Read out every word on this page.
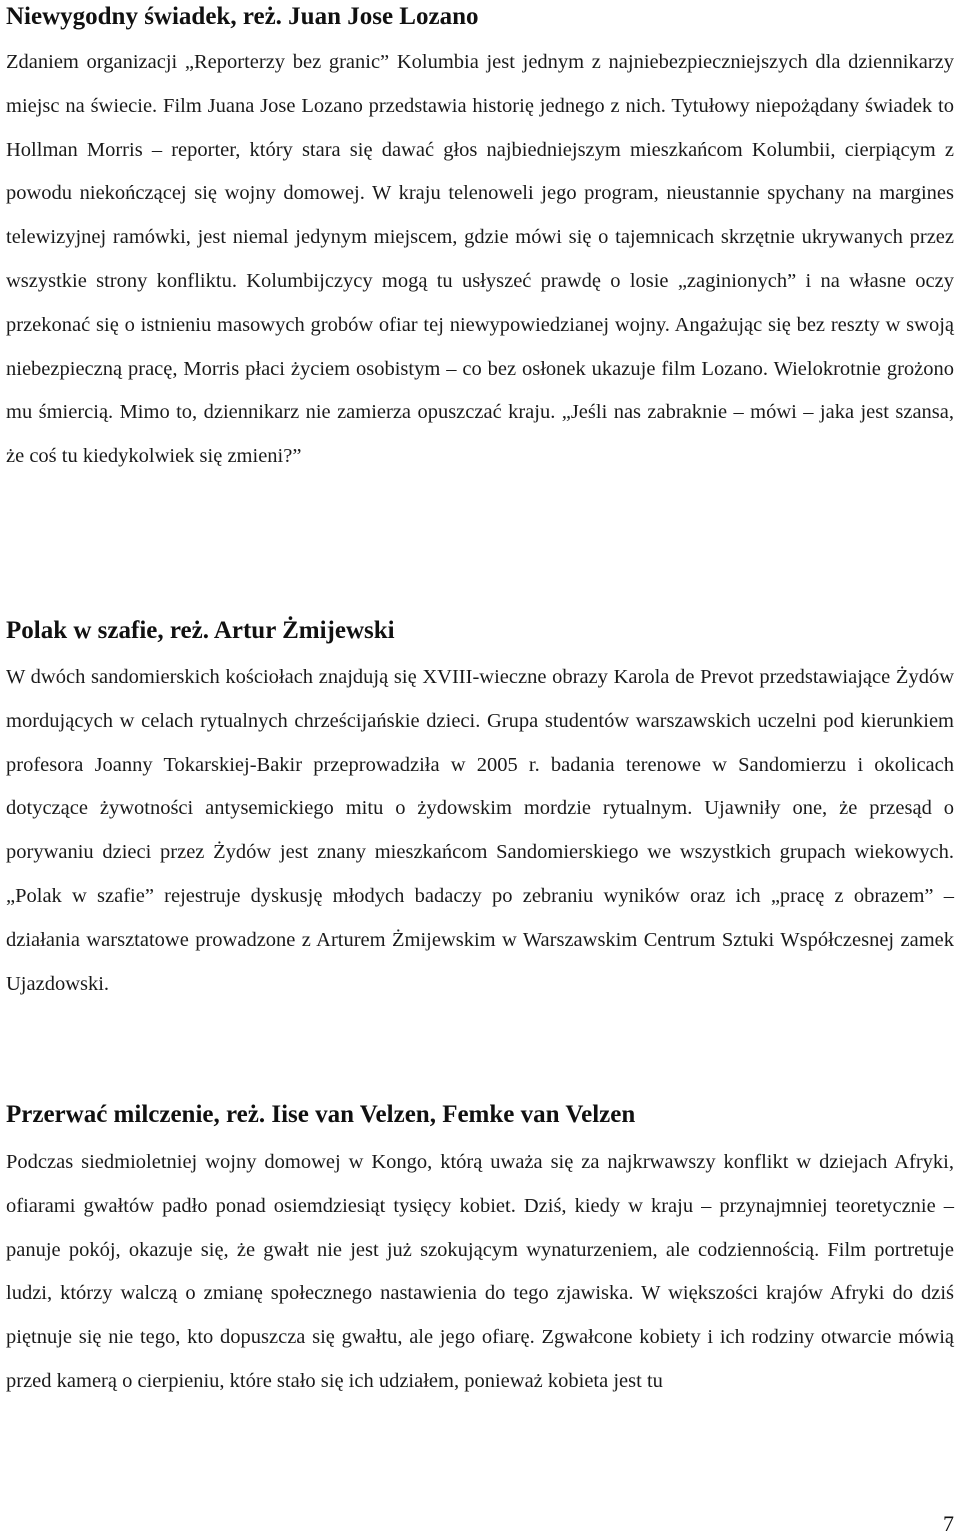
Niewygodny świadek, reż. Juan Jose Lozano

Zdaniem organizacji „Reporterzy bez granic” Kolumbia jest jednym z najniebezpieczniejszych dla dziennikarzy miejsc na świecie. Film Juana Jose Lozano przedstawia historię jednego z nich. Tytułowy niepożądany świadek to Hollman Morris – reporter, który stara się dawać głos najbiedniejszym mieszkańcom Kolumbii, cierpiącym z powodu niekończącej się wojny domowej. W kraju telenoweli jego program, nieustannie spychany na margines telewizyjnej ramówki, jest niemal jedynym miejscem, gdzie mówi się o tajemnicach skrzętnie ukrywanych przez wszystkie strony konfliktu. Kolumbijczycy mogą tu usłyszeć prawdę o losie „zaginionych” i na własne oczy przekonać się o istnieniu masowych grobów ofiar tej niewypowiedzianej wojny. Angażując się bez reszty w swoją niebezpieczną pracę, Morris płaci życiem osobistym – co bez osłonek ukazuje film Lozano. Wielokrotnie grożono mu śmiercią. Mimo to, dziennikarz nie zamierza opuszczać kraju. „Jeśli nas zabraknie – mówi – jaka jest szansa, że coś tu kiedykolwiek się zmieni?”

Polak w szafie, reż. Artur Żmijewski

W dwóch sandomierskich kościołach znajdują się XVIII-wieczne obrazy Karola de Prevot przedstawiające Żydów mordujących w celach rytualnych chrześcijańskie dzieci. Grupa studentów warszawskich uczelni pod kierunkiem profesora Joanny Tokarskiej-Bakir przeprowadziła w 2005 r. badania terenowe w Sandomierzu i okolicach dotyczące żywotności antysemickiego mitu o żydowskim mordzie rytualnym. Ujawniły one, że przesąd o porywaniu dzieci przez Żydów jest znany mieszkańcom Sandomierskiego we wszystkich grupach wiekowych. „Polak w szafie” rejestruje dyskusję młodych badaczy po zebraniu wyników oraz ich „pracę z obrazem” – działania warsztatowe prowadzone z Arturem Żmijewskim w Warszawskim Centrum Sztuki Współczesnej zamek Ujazdowski.

Przerwać milczenie, reż. Iise van Velzen, Femke van Velzen

Podczas siedmioletniej wojny domowej w Kongo, którą uważa się za najkrwawszy konflikt w dziejach Afryki, ofiarami gwałtów padło ponad osiemdziesiąt tysięcy kobiet. Dziś, kiedy w kraju – przynajmniej teoretycznie – panuje pokój, okazuje się, że gwałt nie jest już szokującym wynaturzeniem, ale codziennością. Film portretuje ludzi, którzy walczą o zmianę społecznego nastawienia do tego zjawiska. W większości krajów Afryki do dziś piętnuje się nie tego, kto dopuszcza się gwałtu, ale jego ofiarę. Zgwałcone kobiety i ich rodziny otwarcie mówią przed kamerą o cierpieniu, które stało się ich udziałem, ponieważ kobieta jest tu

7
